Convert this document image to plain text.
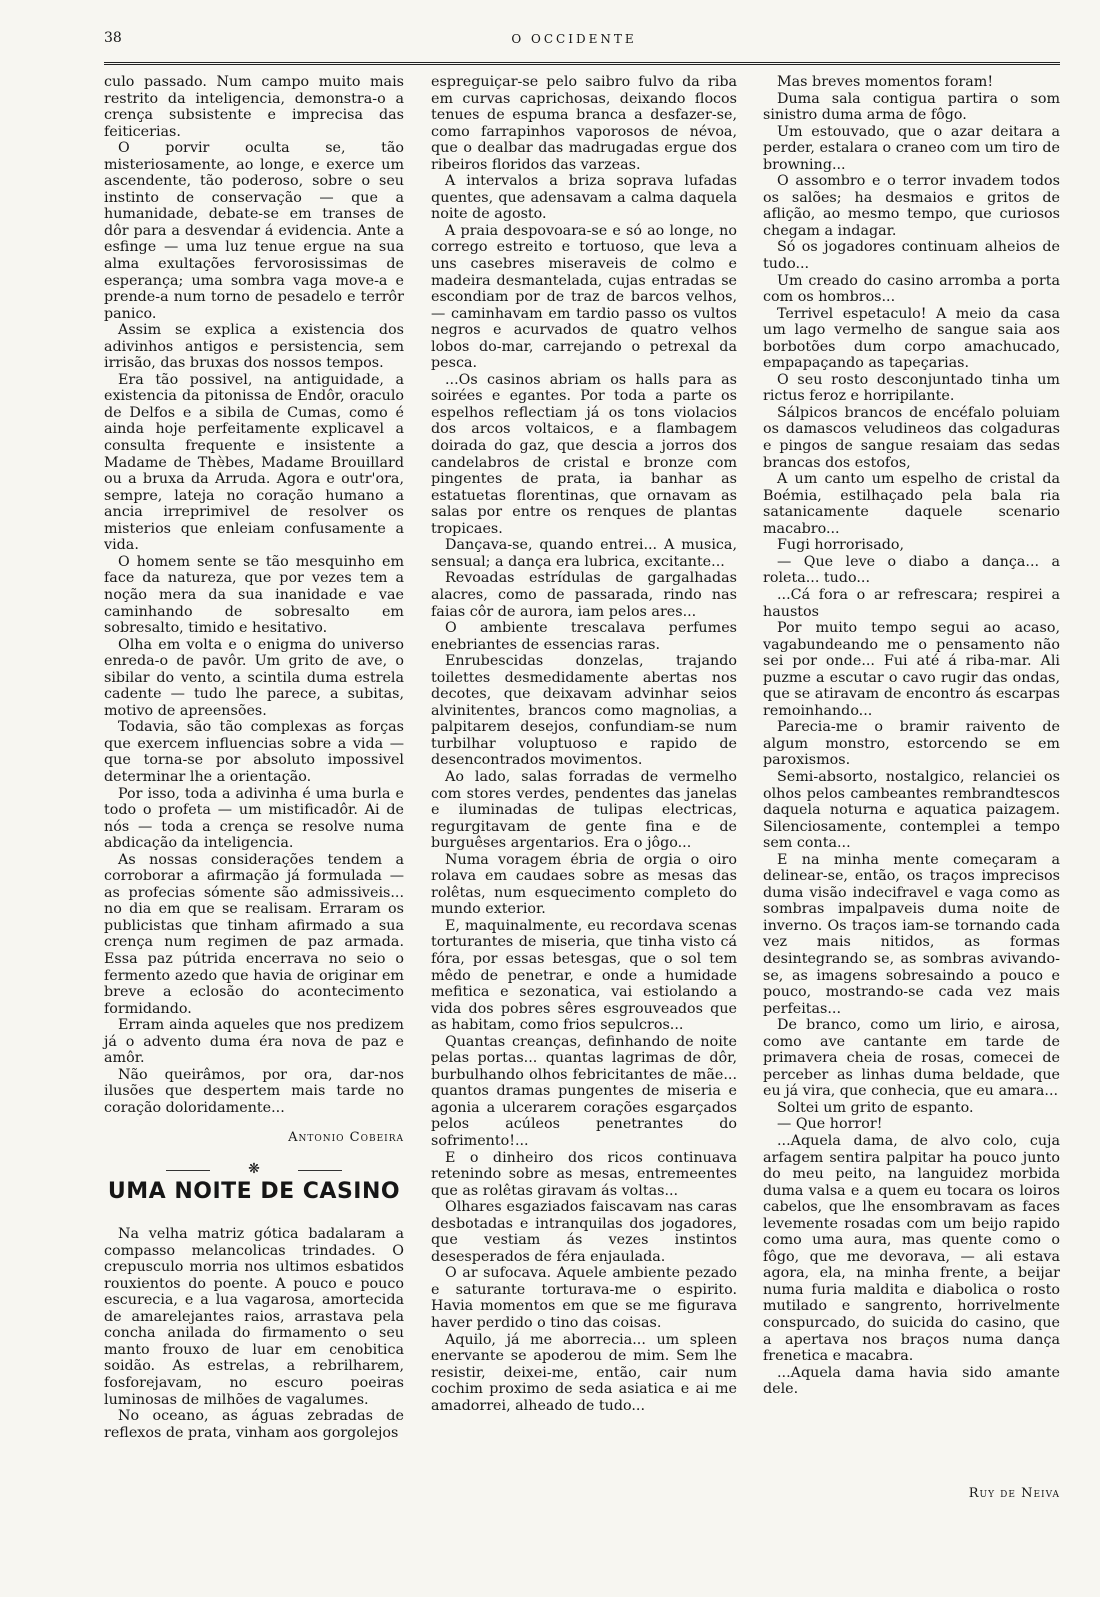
38	O OCCIDENTE

culo passado. Num campo muito mais restrito da inteligencia, demonstra-o a crença subsistente e imprecisa das feiticerias.

O porvir oculta se, tão misteriosamente, ao longe, e exerce um ascendente, tão poderoso, sobre o seu instinto de conservação — que a humanidade, debate-se em transes de dôr para a desvendar á evidencia. Ante a esfinge — uma luz tenue ergue na sua alma exultações fervorosissimas de esperança; uma sombra vaga move-a e prende-a num torno de pesadelo e terrôr panico.

Assim se explica a existencia dos adivinhos antigos e persistencia, sem irrisão, das bruxas dos nossos tempos.

Era tão possivel, na antiguidade, a existencia da pitonissa de Endôr, oraculo de Delfos e a sibila de Cumas, como é ainda hoje perfeitamente explicavel a consulta frequente e insistente a Madame de Thèbes, Madame Brouillard ou a bruxa da Arruda. Agora e outr'ora, sempre, lateja no coração humano a ancia irreprimivel de resolver os misterios que enleiam confusamente a vida.

O homem sente se tão mesquinho em face da natureza, que por vezes tem a noção mera da sua inanidade e vae caminhando de sobresalto em sobresalto, timido e hesitativo.

Olha em volta e o enigma do universo enreda-o de pavôr. Um grito de ave, o sibilar do vento, a scintila duma estrela cadente — tudo lhe parece, a subitas, motivo de apreensões.

Todavia, são tão complexas as forças que exercem influencias sobre a vida — que torna-se por absoluto impossivel determinar lhe a orientação.

Por isso, toda a adivinha é uma burla e todo o profeta — um mistificadôr. Ai de nós — toda a crença se resolve numa abdicação da inteligencia.

As nossas considerações tendem a corroborar a afirmação já formulada — as profecias sómente são admissiveis... no dia em que se realisam. Erraram os publicistas que tinham afirmado a sua crença num regimen de paz armada. Essa paz pútrida encerrava no seio o fermento azedo que havia de originar em breve a eclosão do acontecimento formidando.

Erram ainda aqueles que nos predizem já o advento duma éra nova de paz e amôr.

Não queirâmos, por ora, dar-nos ilusões que despertem mais tarde no coração doloridamente...

Antonio Cobeira

❋
UMA NOITE DE CASINO

Na velha matriz gótica badalaram a compasso melancolicas trindades. O crepusculo morria nos ultimos esbatidos rouxientos do poente. A pouco e pouco escurecia, e a lua vagarosa, amortecida de amarelejantes raios, arrastava pela concha anilada do firmamento o seu manto frouxo de luar em cenobitica soidão. As estrelas, a rebrilharem, fosforejavam, no escuro poeiras luminosas de milhões de vagalumes.

No oceano, as águas zebradas de reflexos de prata, vinham aos gorgolejos

espreguiçar-se pelo saibro fulvo da riba em curvas caprichosas, deixando flocos tenues de espuma branca a desfazer-se, como farrapinhos vaporosos de névoa, que o dealbar das madrugadas ergue dos ribeiros floridos das varzeas.

A intervalos a briza soprava lufadas quentes, que adensavam a calma daquela noite de agosto.

A praia despovoara-se e só ao longe, no corrego estreito e tortuoso, que leva a uns casebres miseraveis de colmo e madeira desmantelada, cujas entradas se escondiam por de traz de barcos velhos, — caminhavam em tardio passo os vultos negros e acurvados de quatro velhos lobos do-mar, carrejando o petrexal da pesca.

...Os casinos abriam os halls para as soirées e egantes. Por toda a parte os espelhos reflectiam já os tons violacios dos arcos voltaicos, e a flambagem doirada do gaz, que descia a jorros dos candelabros de cristal e bronze com pingentes de prata, ia banhar as estatuetas florentinas, que ornavam as salas por entre os renques de plantas tropicaes.

Dançava-se, quando entrei... A musica, sensual; a dança era lubrica, excitante...

Revoadas estrídulas de gargalhadas alacres, como de passarada, rindo nas faias côr de aurora, iam pelos ares...

O ambiente trescalava perfumes enebriantes de essencias raras.

Enrubescidas donzelas, trajando toilettes desmedidamente abertas nos decotes, que deixavam advinhar seios alvinitentes, brancos como magnolias, a palpitarem desejos, confundiam-se num turbilhar voluptuoso e rapido de desencontrados movimentos.

Ao lado, salas forradas de vermelho com stores verdes, pendentes das janelas e iluminadas de tulipas electricas, regurgitavam de gente fina e de burguêses argentarios. Era o jôgo...

Numa voragem ébria de orgia o oiro rolava em caudaes sobre as mesas das rolêtas, num esquecimento completo do mundo exterior.

E, maquinalmente, eu recordava scenas torturantes de miseria, que tinha visto cá fóra, por essas betesgas, que o sol tem mêdo de penetrar, e onde a humidade mefitica e sezonatica, vai estiolando a vida dos pobres sêres esgrouveados que as habitam, como frios sepulcros...

Quantas creanças, definhando de noite pelas portas... quantas lagrimas de dôr, burbulhando olhos febricitantes de mãe... quantos dramas pungentes de miseria e agonia a ulcerarem corações esgarçados pelos acúleos penetrantes do sofrimento!...

E o dinheiro dos ricos continuava retenindo sobre as mesas, entremeentes que as rolêtas giravam ás voltas...

Olhares esgaziados faiscavam nas caras desbotadas e intranquilas dos jogadores, que vestiam ás vezes instintos desesperados de féra enjaulada.

O ar sufocava. Aquele ambiente pezado e saturante torturava-me o espirito. Havia momentos em que se me figurava haver perdido o tino das coisas.

Aquilo, já me aborrecia... um spleen enervante se apoderou de mim. Sem lhe resistir, deixei-me, então, cair num cochim proximo de seda asiatica e ai me amadorrei, alheado de tudo...

Mas breves momentos foram!

Duma sala contigua partira o som sinistro duma arma de fôgo.

Um estouvado, que o azar deitara a perder, estalara o craneo com um tiro de browning...

O assombro e o terror invadem todos os salões; ha desmaios e gritos de aflição, ao mesmo tempo, que curiosos chegam a indagar.

Só os jogadores continuam alheios de tudo...

Um creado do casino arromba a porta com os hombros...

Terrivel espetaculo! A meio da casa um lago vermelho de sangue saia aos borbotões dum corpo amachucado, empapaçando as tapeçarias.

O seu rosto desconjuntado tinha um rictus feroz e horripilante.

Sálpicos brancos de encéfalo poluiam os damascos veludineos das colgaduras e pingos de sangue resaiam das sedas brancas dos estofos,

A um canto um espelho de cristal da Boémia, estilhaçado pela bala ria satanicamente daquele scenario macabro...

Fugi horrorisado,

— Que leve o diabo a dança... a roleta... tudo...

...Cá fora o ar refrescara; respirei a haustos

Por muito tempo segui ao acaso, vagabundeando me o pensamento não sei por onde... Fui até á riba-mar. Ali puzme a escutar o cavo rugir das ondas, que se atiravam de encontro ás escarpas remoinhando...

Parecia-me o bramir raivento de algum monstro, estorcendo se em paroxismos.

Semi-absorto, nostalgico, relanciei os olhos pelos cambeantes rembrandtescos daquela noturna e aquatica paizagem. Silenciosamente, contemplei a tempo sem conta...

E na minha mente começaram a delinear-se, então, os traços imprecisos duma visão indecifravel e vaga como as sombras impalpaveis duma noite de inverno. Os traços iam-se tornando cada vez mais nitidos, as formas desintegrando se, as sombras avivando-se, as imagens sobresaindo a pouco e pouco, mostrando-se cada vez mais perfeitas...

De branco, como um lirio, e airosa, como ave cantante em tarde de primavera cheia de rosas, comecei de perceber as linhas duma beldade, que eu já vira, que conhecia, que eu amara...

Soltei um grito de espanto.

— Que horror!

...Aquela dama, de alvo colo, cuja arfagem sentira palpitar ha pouco junto do meu peito, na languidez morbida duma valsa e a quem eu tocara os loiros cabelos, que lhe ensombravam as faces levemente rosadas com um beijo rapido como uma aura, mas quente como o fôgo, que me devorava, — ali estava agora, ela, na minha frente, a beijar numa furia maldita e diabolica o rosto mutilado e sangrento, horrivelmente conspurcado, do suicida do casino, que a apertava nos braços numa dança frenetica e macabra.

...Aquela dama havia sido amante dele.

Ruy de Neiva
